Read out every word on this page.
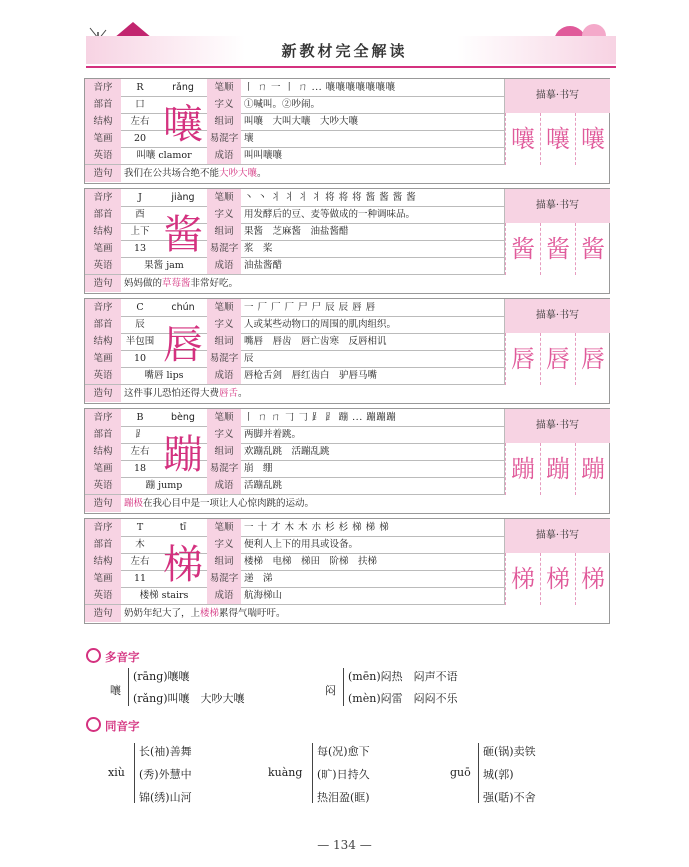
新教材完全解读
音序	R	笔顺	丨 ㄇ 一 丨 ㄇ ... 嚷嚷嚷嚷嚷嚷嚷
部首	口	字义	①喊叫。②吵闹。
结构	左右	组词	叫嚷　大叫大嚷　大吵大嚷
笔画	20	易混字 壤
英语	叫嚷 clamor	成语	叫叫嚷嚷
造句	我们在公共场合绝不能大吵大嚷。
rǎng
嚷
描摹·书写
嚷 嚷 嚷
音序	J	笔顺	丶 丶 丬 丬 丬 丬 将 将 将 酱 酱 酱 酱
部首	酉	字义	用发酵后的豆、麦等做成的一种调味品。
结构	上下	组词	果酱　芝麻酱　油盐酱醋
笔画	13	易混字 浆　桨
英语	果酱 jam	成语	油盐酱醋
造句	妈妈做的草莓酱非常好吃。
jiàng
酱
描摹·书写
酱 酱 酱
音序	C	笔顺	一 厂 厂 厂 尸 尸 辰 辰 唇 唇
部首	辰	字义	人或某些动物口的周围的肌肉组织。
结构	半包围	组词	嘴唇　唇齿　唇亡齿寒　反唇相讥
笔画	10	易混字 辰
英语	嘴唇 lips	成语	唇枪舌剑　唇红齿白　驴唇马嘴
造句	这件事儿恐怕还得大费唇舌。
chún
唇
描摹·书写
唇 唇 唇
音序	B	笔顺	丨 ㄇ ㄇ 𠃌 𠃌 ⻊ ⻊ 蹦 ... 蹦蹦蹦
部首	⻊	字义	两脚并着跳。
结构	左右	组词	欢蹦乱跳　活蹦乱跳
笔画	18	易混字 崩　绷
英语	蹦 jump	成语	活蹦乱跳
造句	蹦极在我心目中是一项让人心惊肉跳的运动。
bèng
蹦
描摹·书写
蹦 蹦 蹦
音序	T	笔顺	一 十 才 木 木 朩 杉 杉 梯 梯 梯
部首	木	字义	便利人上下的用具或设备。
结构	左右	组词	楼梯　电梯　梯田　阶梯　扶梯
笔画	11	易混字 递　涕
英语	楼梯 stairs	成语	航海梯山
造句	奶奶年纪大了，上楼梯累得气喘吁吁。
tī
梯
描摹·书写
梯 梯 梯
多音字
嚷
(rāng)嚷嚷
(rǎng)叫嚷　大吵大嚷
闷
(mēn)闷热　闷声不语
(mèn)闷雷　闷闷不乐
同音字
xiù
长(袖)善舞
(秀)外慧中
锦(绣)山河
kuàng
每(况)愈下
(旷)日持久
热泪盈(眶)
guō
砸(锅)卖铁
城(郭)
强(聒)不舍
— 134 —
